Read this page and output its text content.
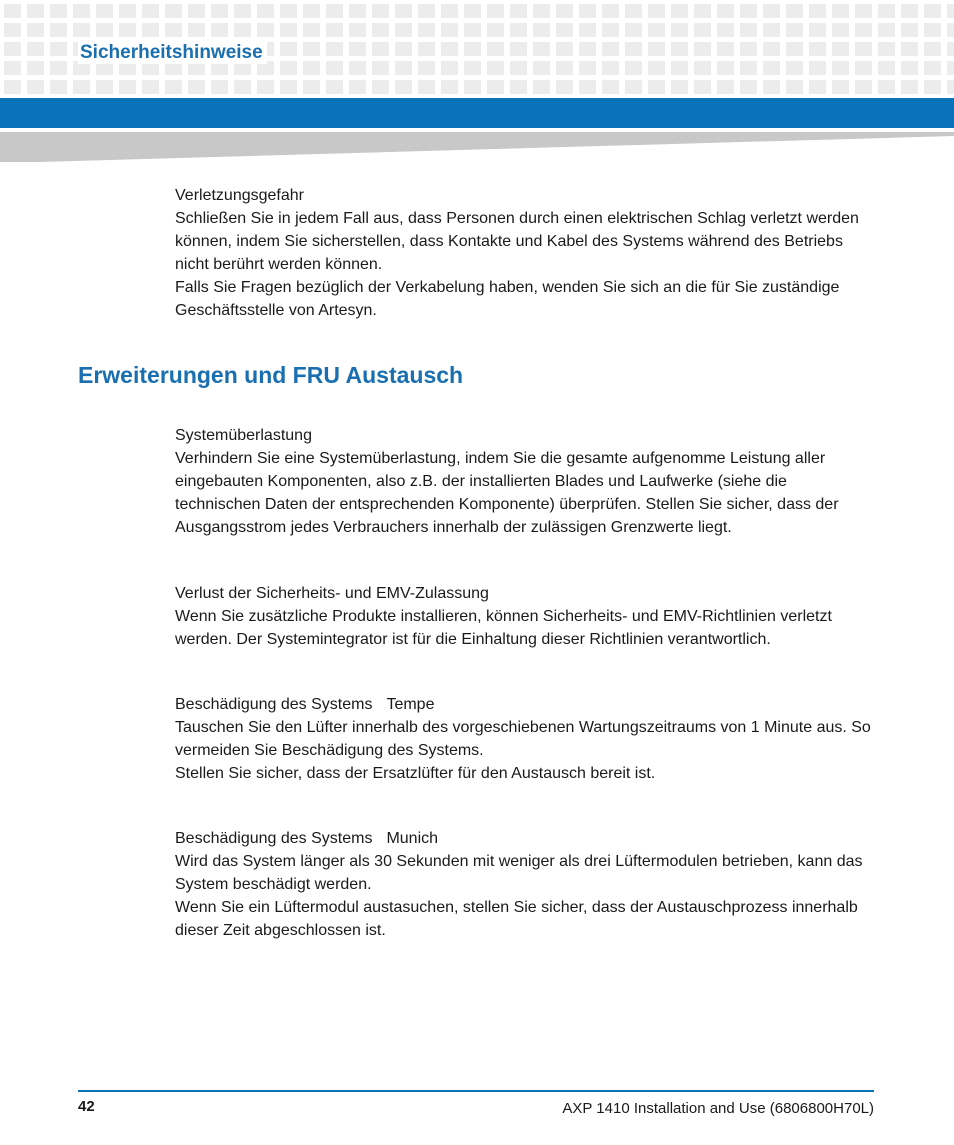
Sicherheitshinweise

Verletzungsgefahr

Schließen Sie in jedem Fall aus, dass Personen durch einen elektrischen Schlag verletzt werden können, indem Sie sicherstellen, dass Kontakte und Kabel des Systems während des Betriebs nicht berührt werden können.

Falls Sie Fragen bezüglich der Verkabelung haben, wenden Sie sich an die für Sie zuständige Geschäftsstelle von Artesyn.

Erweiterungen und FRU Austausch

Systemüberlastung

Verhindern Sie eine Systemüberlastung, indem Sie die gesamte aufgenomme Leistung aller eingebauten Komponenten, also z.B. der installierten Blades und Laufwerke (siehe die technischen Daten der entsprechenden Komponente) überprüfen. Stellen Sie sicher, dass der Ausgangsstrom jedes Verbrauchers innerhalb der zulässigen Grenzwerte liegt.

Verlust der Sicherheits- und EMV-Zulassung

Wenn Sie zusätzliche Produkte installieren, können Sicherheits- und EMV-Richtlinien verletzt werden. Der Systemintegrator ist für die Einhaltung dieser Richtlinien verantwortlich.

Beschädigung des Systems Tempe

Tauschen Sie den Lüfter innerhalb des vorgeschiebenen Wartungszeitraums von 1 Minute aus. So vermeiden Sie Beschädigung des Systems.

Stellen Sie sicher, dass der Ersatzlüfter für den Austausch bereit ist.

Beschädigung des Systems Munich

Wird das System länger als 30 Sekunden mit weniger als drei Lüftermodulen betrieben, kann das System beschädigt werden.

Wenn Sie ein Lüftermodul austasuchen, stellen Sie sicher, dass der Austauschprozess innerhalb dieser Zeit abgeschlossen ist.

42	AXP 1410 Installation and Use (6806800H70L)
